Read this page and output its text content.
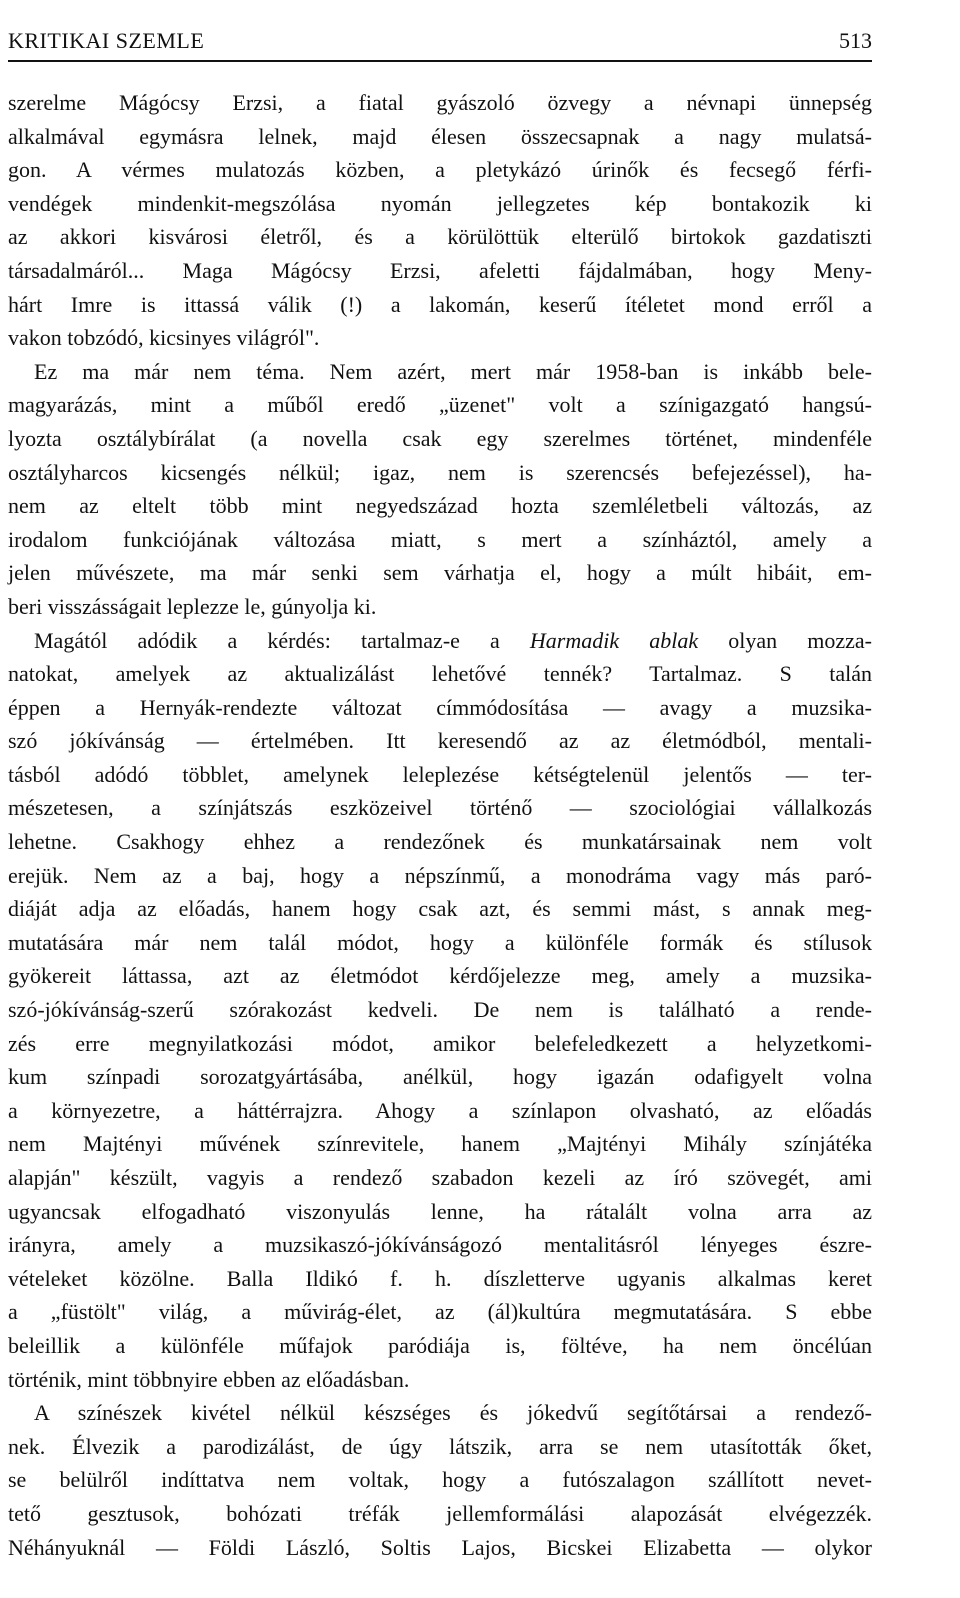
KRITIKAI SZEMLE	513
szerelme Mágócsy Erzsi, a fiatal gyászoló özvegy a névnapi ünnepség
alkalmával egymásra lelnek, majd élesen összecsapnak a nagy mulatsá-
gon. A vérmes mulatozás közben, a pletykázó úrinők és fecsegő férfi-
vendégek mindenkit-megszólása nyomán jellegzetes kép bontakozik ki
az akkori kisvárosi életről, és a körülöttük elterülő birtokok gazdatiszti
társadalmáról... Maga Mágócsy Erzsi, afeletti fájdalmában, hogy Meny-
hárt Imre is ittassá válik (!) a lakomán, keserű ítéletet mond erről a
vakon tobzódó, kicsinyes világról".
Ez ma már nem téma. Nem azért, mert már 1958-ban is inkább bele-
magyarázás, mint a műből eredő „üzenet" volt a színigazgató hangsú-
lyozta osztálybírálat (a novella csak egy szerelmes történet, mindenféle
osztályharcos kicsengés nélkül; igaz, nem is szerencsés befejezéssel), ha-
nem az eltelt több mint negyedszázad hozta szemléletbeli változás, az
irodalom funkciójának változása miatt, s mert a színháztól, amely a
jelen művészete, ma már senki sem várhatja el, hogy a múlt hibáit, em-
beri visszásságait leplezze le, gúnyolja ki.
Magától adódik a kérdés: tartalmaz-e a Harmadik ablak olyan mozza-
natokat, amelyek az aktualizálást lehetővé tennék? Tartalmaz. S talán
éppen a Hernyák-rendezte változat címmódosítása — avagy a muzsika-
szó jókívánság — értelmében. Itt keresendő az az életmódból, mentali-
tásból adódó többlet, amelynek leleplezése kétségtelenül jelentős — ter-
mészetesen, a színjátszás eszközeivel történő — szociológiai vállalkozás
lehetne. Csakhogy ehhez a rendezőnek és munkatársainak nem volt
erejük. Nem az a baj, hogy a népszínmű, a monodráma vagy más paró-
diáját adja az előadás, hanem hogy csak azt, és semmi mást, s annak meg-
mutatására már nem talál módot, hogy a különféle formák és stílusok
gyökereit láttassa, azt az életmódot kérdőjelezze meg, amely a muzsika-
szó-jókívánság-szerű szórakozást kedveli. De nem is található a rende-
zés erre megnyilatkozási módot, amikor belefeledkezett a helyzetkomi-
kum színpadi sorozatgyártásába, anélkül, hogy igazán odafigyelt volna
a környezetre, a háttérrajzra. Ahogy a színlapon olvasható, az előadás
nem Majtényi művének színrevitele, hanem „Majtényi Mihály színjátéka
alapján" készült, vagyis a rendező szabadon kezeli az író szövegét, ami
ugyancsak elfogadható viszonyulás lenne, ha rátalált volna arra az
irányra, amely a muzsikaszó-jókívánságozó mentalitásról lényeges észre-
vételeket közölne. Balla Ildikó f. h. díszletterve ugyanis alkalmas keret
a „füstölt" világ, a művirág-élet, az (ál)kultúra megmutatására. S ebbe
beleillik a különféle műfajok paródiája is, föltéve, ha nem öncélúan
történik, mint többnyire ebben az előadásban.
A színészek kivétel nélkül készséges és jókedvű segítőtársai a rendező-
nek. Élvezik a parodizálást, de úgy látszik, arra se nem utasították őket,
se belülről indíttatva nem voltak, hogy a futószalagon szállított nevet-
tető gesztusok, bohózati tréfák jellemformálási alapozását elvégezzék.
Néhányuknál — Földi László, Soltis Lajos, Bicskei Elizabetta — olykor
